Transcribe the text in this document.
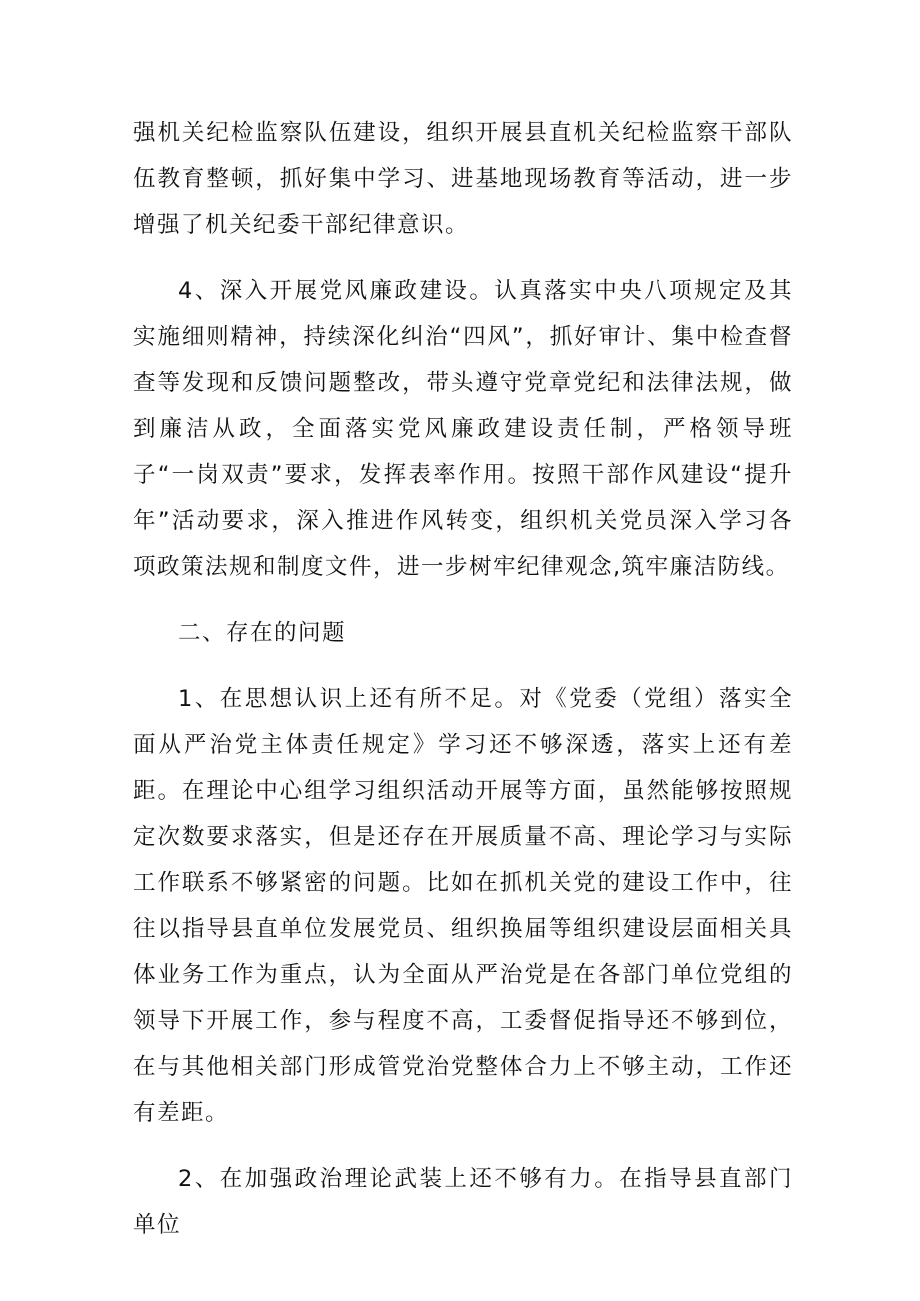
强机关纪检监察队伍建设，组织开展县直机关纪检监察干部队伍教育整顿，抓好集中学习、进基地现场教育等活动，进一步增强了机关纪委干部纪律意识。

4、深入开展党风廉政建设。认真落实中央八项规定及其实施细则精神，持续深化纠治“四风”，抓好审计、集中检查督查等发现和反馈问题整改，带头遵守党章党纪和法律法规，做到廉洁从政，全面落实党风廉政建设责任制，严格领导班子“一岗双责”要求，发挥表率作用。按照干部作风建设“提升年”活动要求，深入推进作风转变，组织机关党员深入学习各项政策法规和制度文件，进一步树牢纪律观念,筑牢廉洁防线。

二、存在的问题

1、在思想认识上还有所不足。对《党委（党组）落实全面从严治党主体责任规定》学习还不够深透，落实上还有差距。在理论中心组学习组织活动开展等方面，虽然能够按照规定次数要求落实，但是还存在开展质量不高、理论学习与实际工作联系不够紧密的问题。比如在抓机关党的建设工作中，往往以指导县直单位发展党员、组织换届等组织建设层面相关具体业务工作为重点，认为全面从严治党是在各部门单位党组的领导下开展工作，参与程度不高，工委督促指导还不够到位，在与其他相关部门形成管党治党整体合力上不够主动，工作还有差距。

2、在加强政治理论武装上还不够有力。在指导县直部门单位
